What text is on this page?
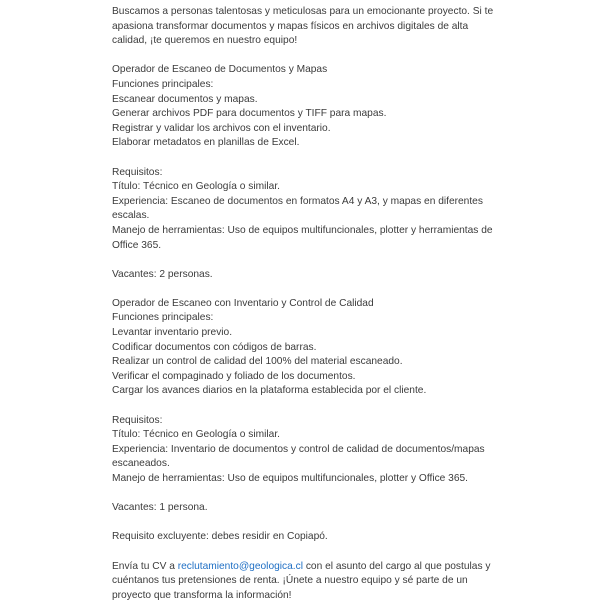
Buscamos a personas talentosas y meticulosas para un emocionante proyecto. Si te
apasiona transformar documentos y mapas físicos en archivos digitales de alta
calidad, ¡te queremos en nuestro equipo!
Operador de Escaneo de Documentos y Mapas
Funciones principales:
Escanear documentos y mapas.
Generar archivos PDF para documentos y TIFF para mapas.
Registrar y validar los archivos con el inventario.
Elaborar metadatos en planillas de Excel.
Requisitos:
Título: Técnico en Geología o similar.
Experiencia: Escaneo de documentos en formatos A4 y A3, y mapas en diferentes
escalas.
Manejo de herramientas: Uso de equipos multifuncionales, plotter y herramientas de
Office 365.
Vacantes: 2 personas.
Operador de Escaneo con Inventario y Control de Calidad
Funciones principales:
Levantar inventario previo.
Codificar documentos con códigos de barras.
Realizar un control de calidad del 100% del material escaneado.
Verificar el compaginado y foliado de los documentos.
Cargar los avances diarios en la plataforma establecida por el cliente.
Requisitos:
Título: Técnico en Geología o similar.
Experiencia: Inventario de documentos y control de calidad de documentos/mapas
escaneados.
Manejo de herramientas: Uso de equipos multifuncionales, plotter y Office 365.
Vacantes: 1 persona.
Requisito excluyente: debes residir en Copiapó.
Envía tu CV a reclutamiento@geologica.cl con el asunto del cargo al que postulas y
cuéntanos tus pretensiones de renta. ¡Únete a nuestro equipo y sé parte de un
proyecto que transforma la información!
